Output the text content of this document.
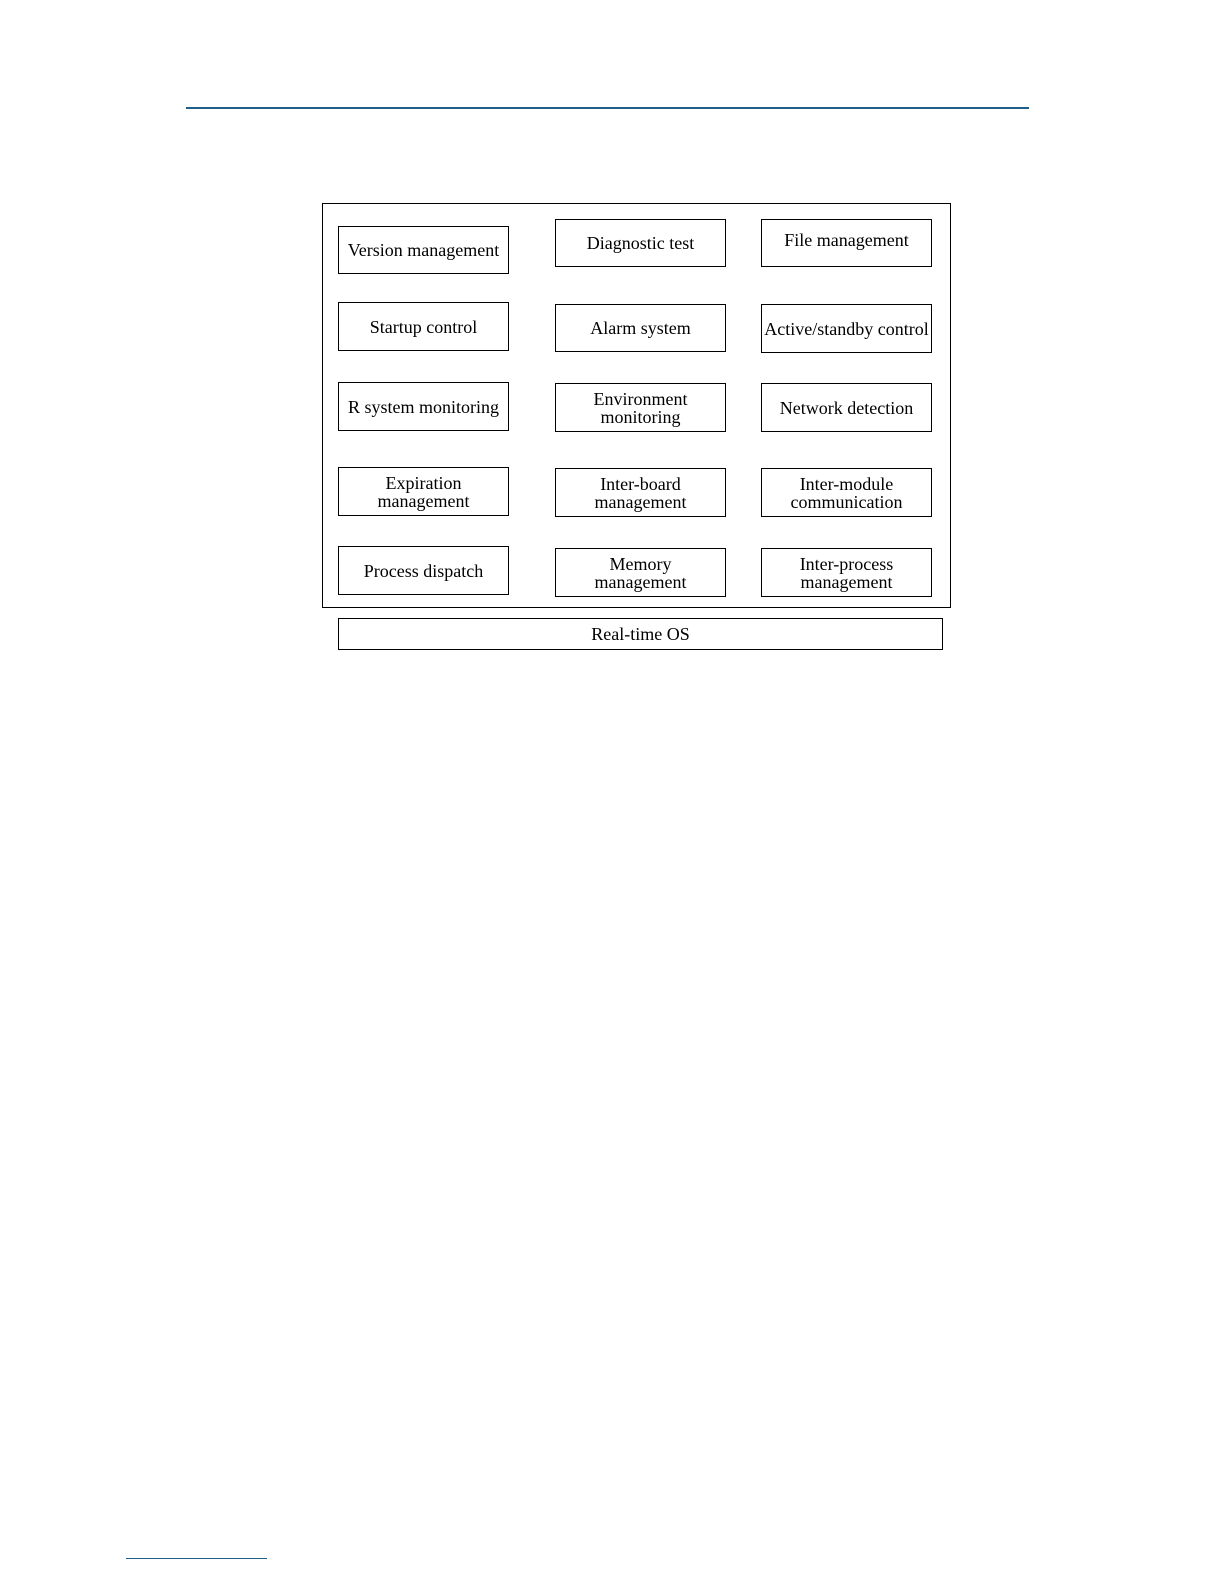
Version management	Diagnostic test	File management
Startup control	Alarm system	Active/standby control
R system monitoring	Environment
monitoring	Network detection
Expiration
management
Inter-board
management
Inter-module
communication
Process dispatch	Memory
management
Inter-process
management
Real-time OS
